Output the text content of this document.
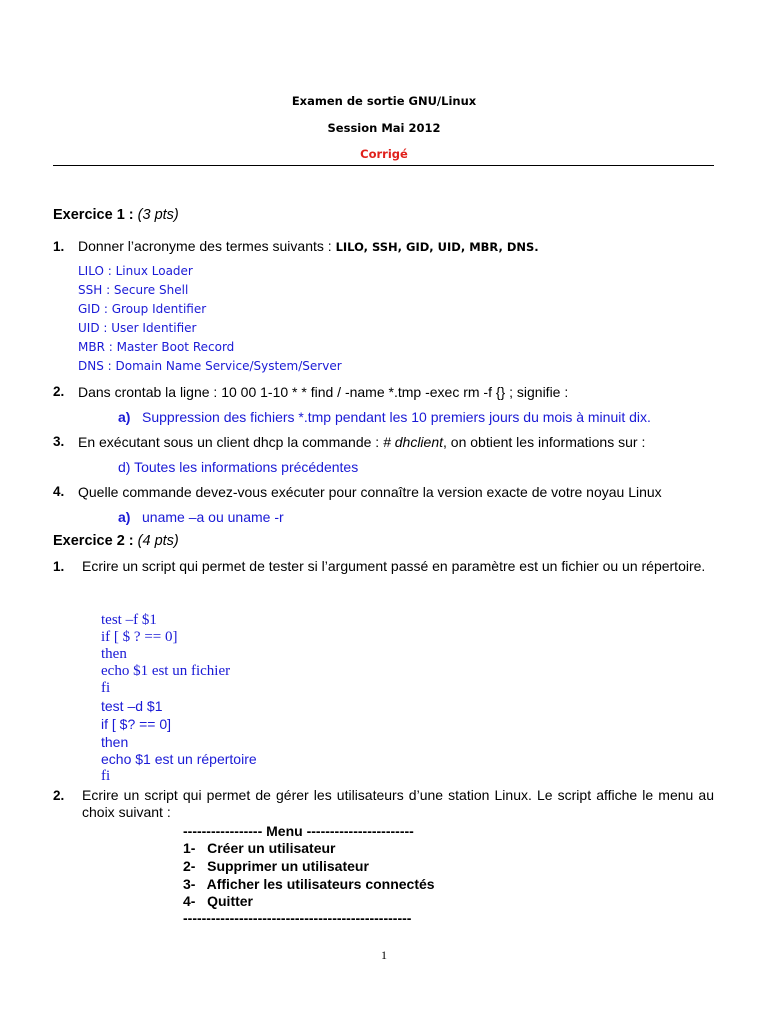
Examen de sortie GNU/Linux
Session Mai 2012
Corrigé
Exercice 1 : (3 pts)
1. Donner l’acronyme des termes suivants : LILO, SSH, GID, UID, MBR, DNS.
LILO : Linux Loader
SSH : Secure Shell
GID : Group Identifier
UID : User Identifier
MBR : Master Boot Record
DNS : Domain Name Service/System/Server
2. Dans crontab la ligne : 10 00 1-10 * * find / -name *.tmp -exec rm -f {} ; signifie :
a) Suppression des fichiers *.tmp pendant les 10 premiers jours du mois à minuit dix.
3. En exécutant sous un client dhcp la commande : # dhclient, on obtient les informations sur :
d) Toutes les informations précédentes
4. Quelle commande devez-vous exécuter pour connaître la version exacte de votre noyau Linux
a) uname –a ou uname -r
Exercice 2 : (4 pts)
1. Ecrire un script qui permet de tester si l’argument passé en paramètre est un fichier ou un répertoire.
test –f $1
if [ $ ? == 0]
then
echo $1 est un fichier
fi
test –d $1
if [ $? == 0]
then
echo $1 est un répertoire
fi
2. Ecrire un script qui permet de gérer les utilisateurs d’une station Linux. Le script affiche le menu au choix suivant :
----------------- Menu -----------------------
1-   Créer un utilisateur
2-   Supprimer un utilisateur
3-   Afficher les utilisateurs connectés
4-   Quitter
-------------------------------------------------
1
